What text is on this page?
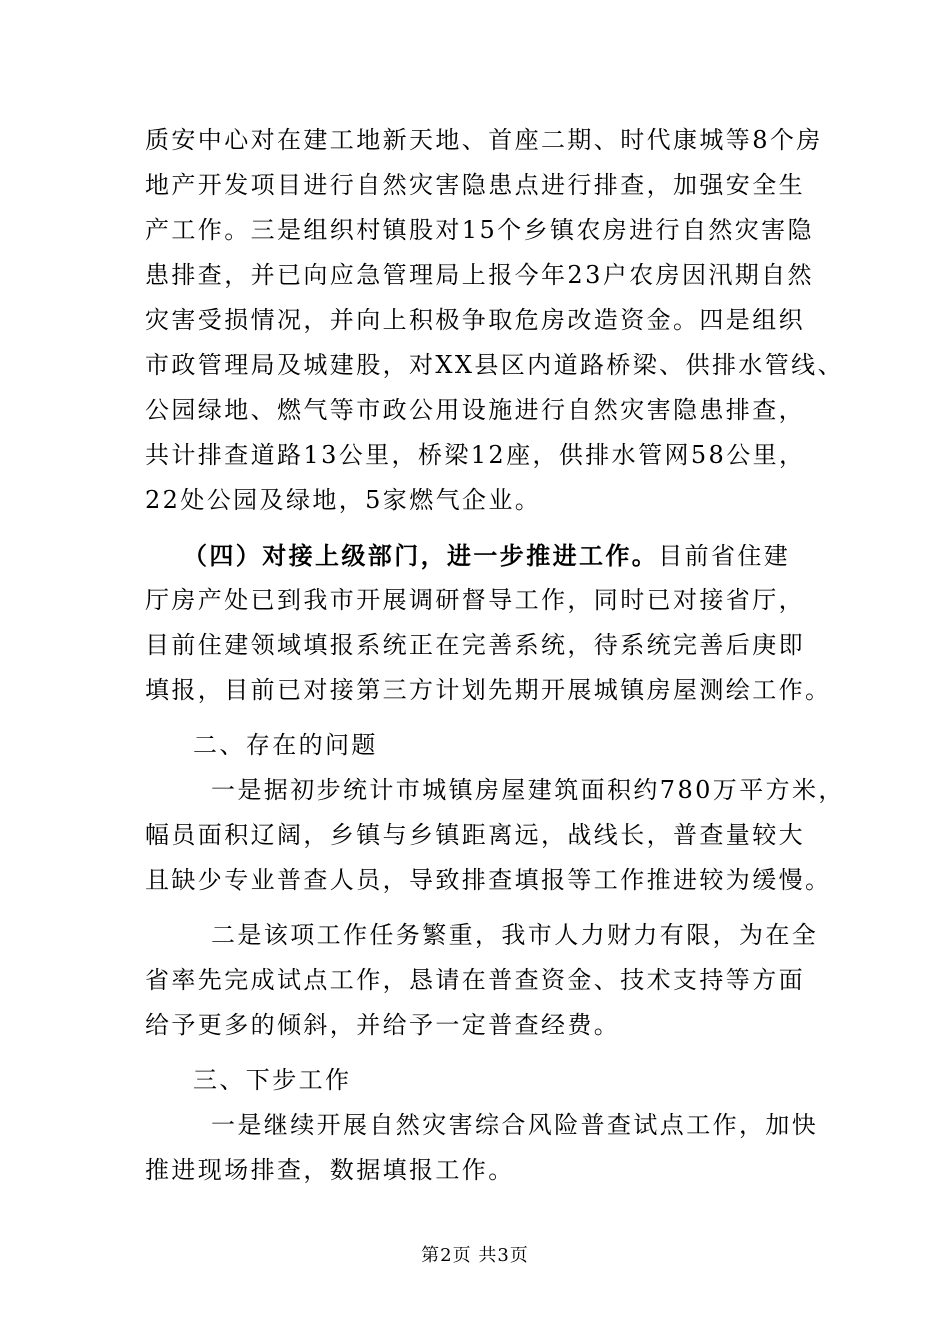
质安中心对在建工地新天地、首座二期、时代康城等8个房
地产开发项目进行自然灾害隐患点进行排查，加强安全生
产工作。三是组织村镇股对15个乡镇农房进行自然灾害隐
患排查，并已向应急管理局上报今年23户农房因汛期自然
灾害受损情况，并向上积极争取危房改造资金。四是组织
市政管理局及城建股，对XX县区内道路桥梁、供排水管线、
公园绿地、燃气等市政公用设施进行自然灾害隐患排查，
共计排查道路13公里，桥梁12座，供排水管网58公里，
22处公园及绿地，5家燃气企业。
（四）对接上级部门，进一步推进工作。目前省住建
厅房产处已到我市开展调研督导工作，同时已对接省厅，
目前住建领域填报系统正在完善系统，待系统完善后庚即
填报，目前已对接第三方计划先期开展城镇房屋测绘工作。
二、存在的问题
一是据初步统计市城镇房屋建筑面积约780万平方米，
幅员面积辽阔，乡镇与乡镇距离远，战线长，普查量较大
且缺少专业普查人员，导致排查填报等工作推进较为缓慢。
二是该项工作任务繁重，我市人力财力有限，为在全
省率先完成试点工作，恳请在普查资金、技术支持等方面
给予更多的倾斜，并给予一定普查经费。
三、下步工作
一是继续开展自然灾害综合风险普查试点工作，加快
推进现场排查，数据填报工作。
第2页 共3页
